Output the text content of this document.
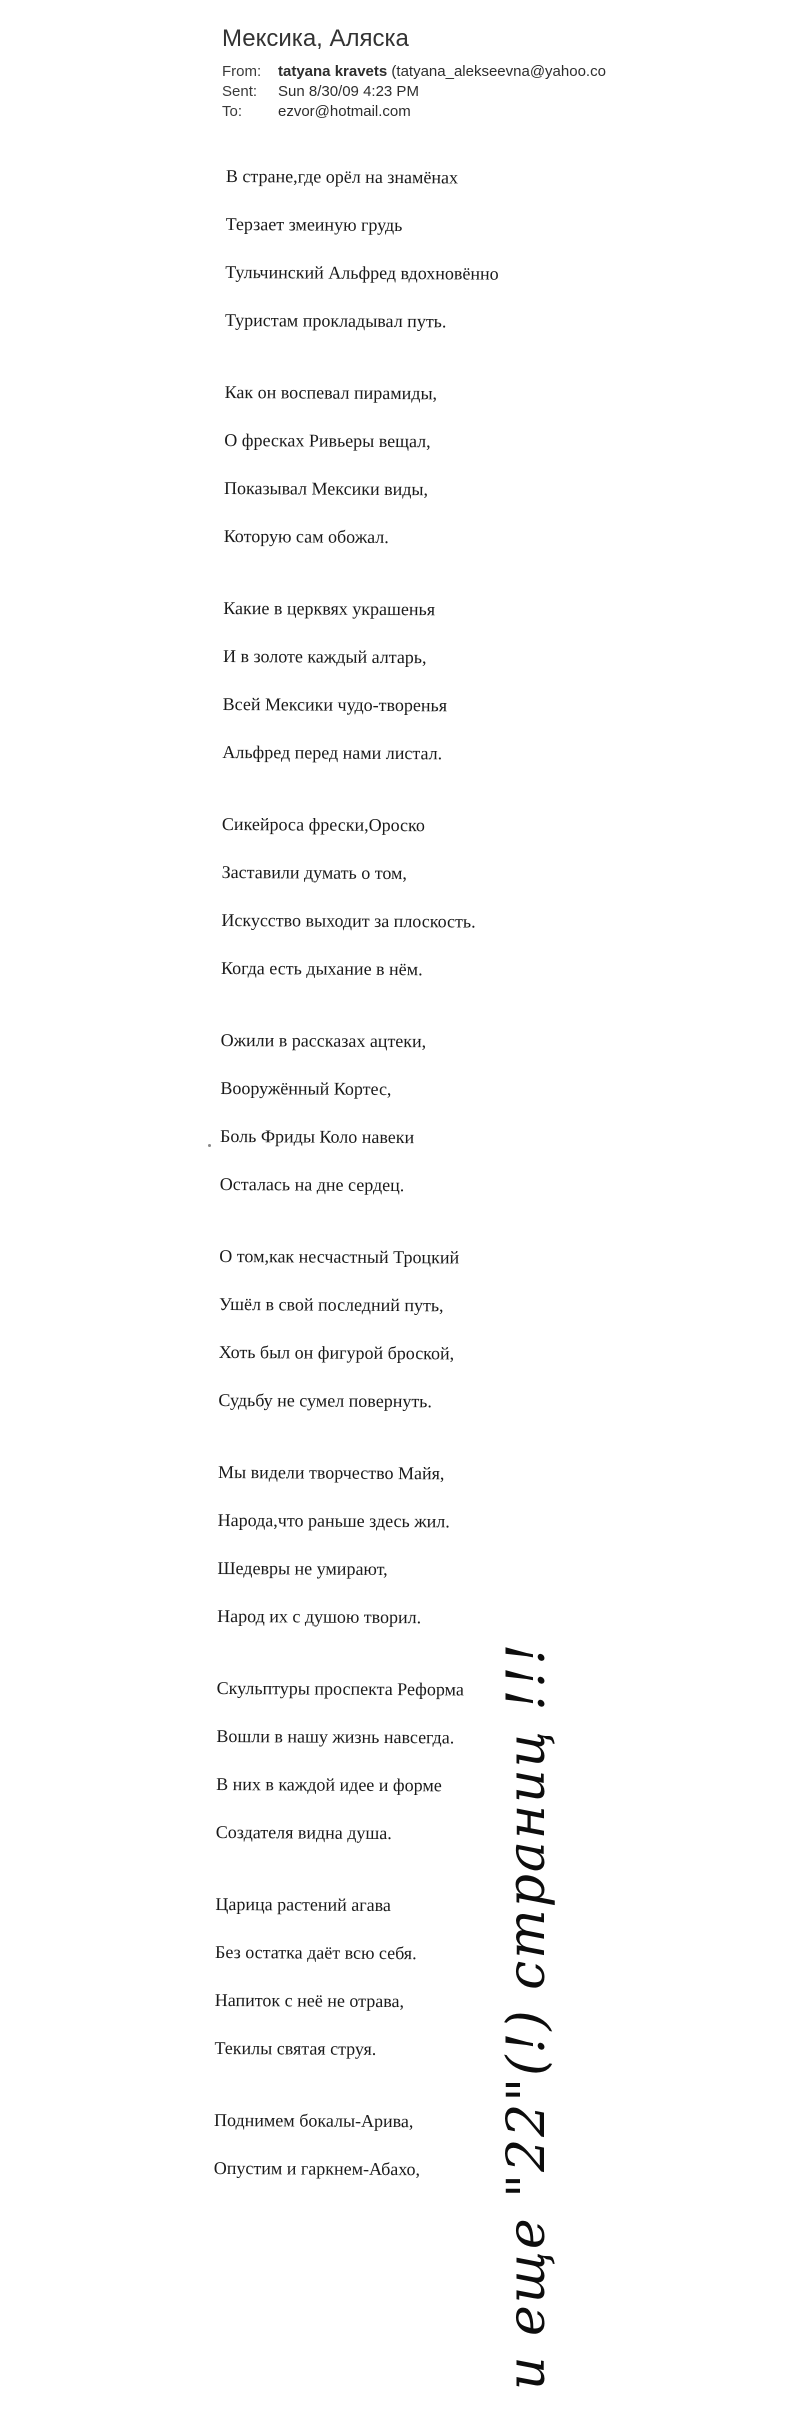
Мексика, Аляска
From: tatyana kravets (tatyana_alekseevna@yahoo.co
Sent: Sun 8/30/09 4:23 PM
To: ezvor@hotmail.com
В стране,где орёл на знамёнах
Терзает змеиную грудь
Тульчинский Альфред вдохновённо
Туристам прокладывал путь.
Как он воспевал пирамиды,
О фресках Ривьеры вещал,
Показывал Мексики виды,
Которую сам обожал.
Какие в церквях украшенья
И в золоте каждый алтарь,
Всей Мексики чудо-творенья
Альфред перед нами листал.
Сикейроса фрески,Ороско
Заставили думать о том,
Искусство выходит за плоскость.
Когда есть дыхание в нём.
Ожили в рассказах ацтеки,
Вооружённый Кортес,
Боль Фриды Коло навеки
Осталась на дне сердец.
О том,как несчастный Троцкий
Ушёл в свой последний путь,
Хоть был он фигурой броской,
Судьбу не сумел повернуть.
Мы видели творчество Майя,
Народа,что раньше здесь жил.
Шедевры не умирают,
Народ их с душою творил.
Скульптуры проспекта Реформа
Вошли в нашу жизнь навсегда.
В них в каждой идее и форме
Создателя видна душа.
Царица растений агава
Без остатка даёт всю себя.
Напиток с неё не отрава,
Текилы святая струя.
Поднимем бокалы-Арива,
Опустим и гаркнем-Абахо,	и еще "22"(!) страниц !!!
